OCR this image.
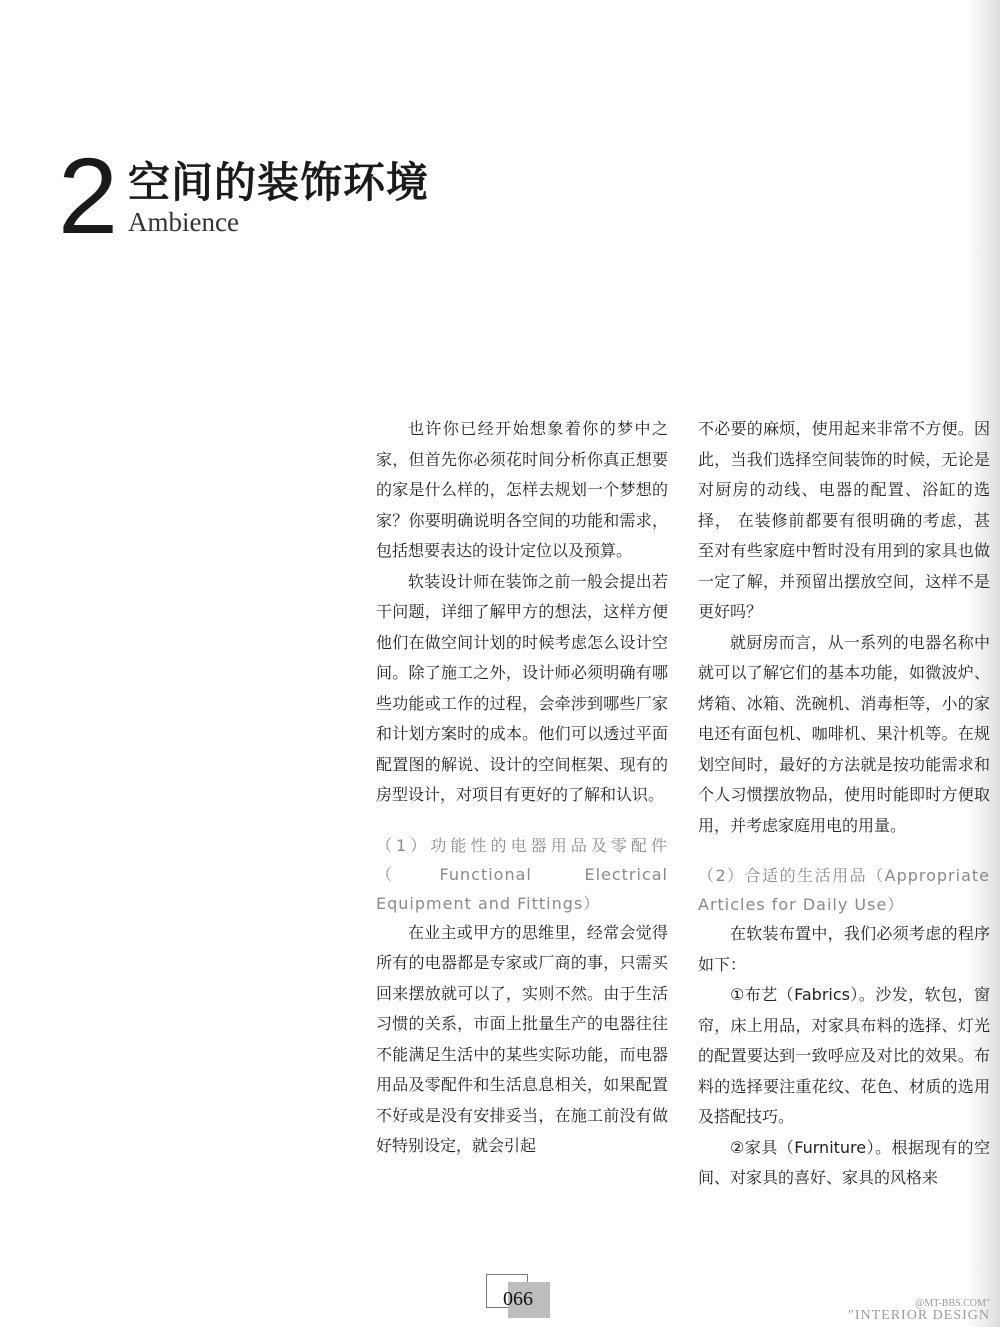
2 空间的装饰环境
Ambience

也许你已经开始想象着你的梦中之家，但首先你必须花时间分析你真正想要的家是什么样的，怎样去规划一个梦想的家？你要明确说明各空间的功能和需求，包括想要表达的设计定位以及预算。

软装设计师在装饰之前一般会提出若干问题，详细了解甲方的想法，这样方便他们在做空间计划的时候考虑怎么设计空间。除了施工之外，设计师必须明确有哪些功能或工作的过程，会牵涉到哪些厂家和计划方案时的成本。他们可以透过平面配置图的解说、设计的空间框架、现有的房型设计，对项目有更好的了解和认识。

（1）功能性的电器用品及零配件（Functional Electrical Equipment and Fittings）

在业主或甲方的思维里，经常会觉得所有的电器都是专家或厂商的事，只需买回来摆放就可以了，实则不然。由于生活习惯的关系，市面上批量生产的电器往往不能满足生活中的某些实际功能，而电器用品及零配件和生活息息相关，如果配置不好或是没有安排妥当，在施工前没有做好特别设定，就会引起

不必要的麻烦，使用起来非常不方便。因此，当我们选择空间装饰的时候，无论是对厨房的动线、电器的配置、浴缸的选择， 在装修前都要有很明确的考虑，甚至对有些家庭中暂时没有用到的家具也做一定了解，并预留出摆放空间，这样不是更好吗？

就厨房而言，从一系列的电器名称中就可以了解它们的基本功能，如微波炉、烤箱、冰箱、洗碗机、消毒柜等，小的家电还有面包机、咖啡机、果汁机等。在规划空间时，最好的方法就是按功能需求和个人习惯摆放物品，使用时能即时方便取用，并考虑家庭用电的用量。

（2）合适的生活用品（Appropriate Articles for Daily Use）

在软装布置中，我们必须考虑的程序如下：

①布艺（Fabrics）。沙发，软包，窗帘，床上用品，对家具布料的选择、灯光的配置要达到一致呼应及对比的效果。布料的选择要注重花纹、花色、材质的选用及搭配技巧。

②家具（Furniture）。根据现有的空间、对家具的喜好、家具的风格来

066	@MT-BBS.COM"
"INTERIOR DESIGN
